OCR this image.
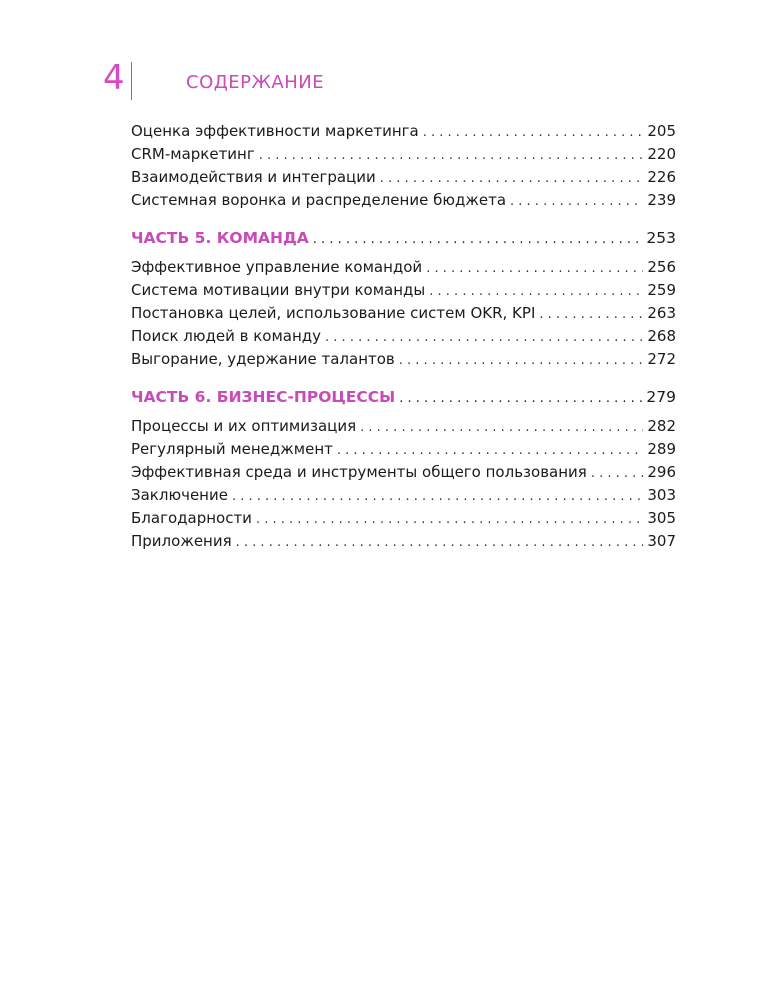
4	СОДЕРЖАНИЕ
Оценка эффективности маркетинга . . .	205
CRM-маркетинг . . .	220
Взаимодействия и интеграции . . .	226
Системная воронка и распределение бюджета . . .	239
ЧАСТЬ 5. КОМАНДА . . .	253
Эффективное управление командой . . .	256
Система мотивации внутри команды . . .	259
Постановка целей, использование систем OKR, KPI . . .	263
Поиск людей в команду . . .	268
Выгорание, удержание талантов . . .	272
ЧАСТЬ 6. БИЗНЕС-ПРОЦЕССЫ . . .	279
Процессы и их оптимизация . . .	282
Регулярный менеджмент . . .	289
Эффективная среда и инструменты общего пользования . . .	296
Заключение . . .	303
Благодарности . . .	305
Приложения . . .	307
